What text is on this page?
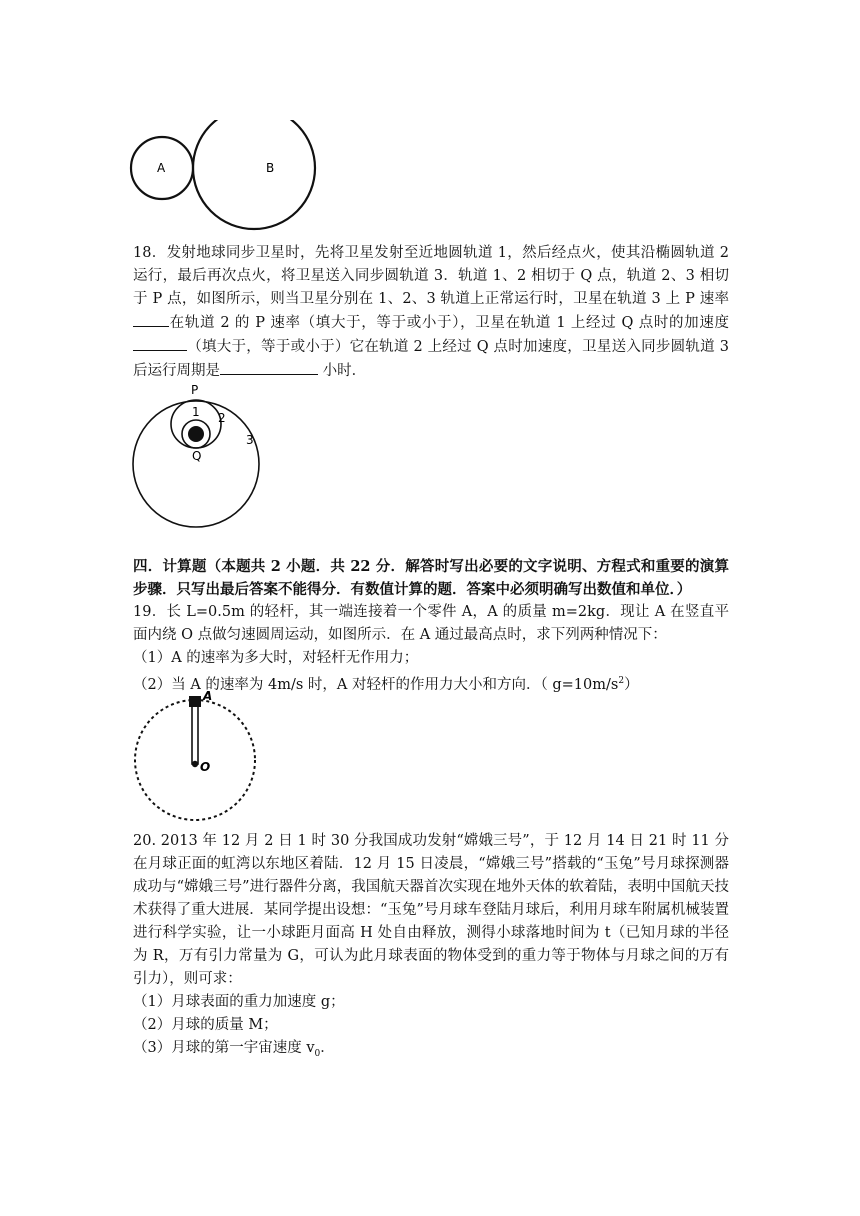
A	B

18．发射地球同步卫星时，先将卫星发射至近地圆轨道 1，然后经点火，使其沿椭圆轨道 2 运行，最后再次点火，将卫星送入同步圆轨道 3．轨道 1、2 相切于 Q 点，轨道 2、3 相切于 P 点，如图所示，则当卫星分别在 1、2、3 轨道上正常运行时，卫星在轨道 3 上 P 速率在轨道 2 的 P 速率（填大于，等于或小于），卫星在轨道 1 上经过 Q 点时的加速度（填大于，等于或小于）它在轨道 2 上经过 Q 点时加速度，卫星送入同步圆轨道 3 后运行周期是	小时．

P
1 2
3
Q

四．计算题（本题共 2 小题．共 22 分．解答时写出必要的文字说明、方程式和重要的演算步骤．只写出最后答案不能得分．有数值计算的题．答案中必须明确写出数值和单位．）

19．长 L=0.5m 的轻杆，其一端连接着一个零件 A，A 的质量 m=2kg．现让 A 在竖直平面内绕 O 点做匀速圆周运动，如图所示．在 A 通过最高点时，求下列两种情况下：

（1）A 的速率为多大时，对轻杆无作用力；

（2）当 A 的速率为 4m/s 时，A 对轻杆的作用力大小和方向．（ $g=10m/s^2$）

A
O

20. 2013 年 12 月 2 日 1 时 30 分我国成功发射“嫦娥三号”，于 12 月 14 日 21 时 11 分在月球正面的虹湾以东地区着陆．12 月 15 日凌晨，“嫦娥三号”搭载的“玉兔”号月球探测器成功与“嫦娥三号”进行器件分离，我国航天器首次实现在地外天体的软着陆，表明中国航天技术获得了重大进展．某同学提出设想：“玉兔”号月球车登陆月球后，利用月球车附属机械装置进行科学实验，让一小球距月面高 H 处自由释放，测得小球落地时间为 t（已知月球的半径为 R，万有引力常量为 G，可认为此月球表面的物体受到的重力等于物体与月球之间的万有引力），则可求：

（1）月球表面的重力加速度 g；

（2）月球的质量 M；

（3）月球的第一宇宙速度 $v_0$．
